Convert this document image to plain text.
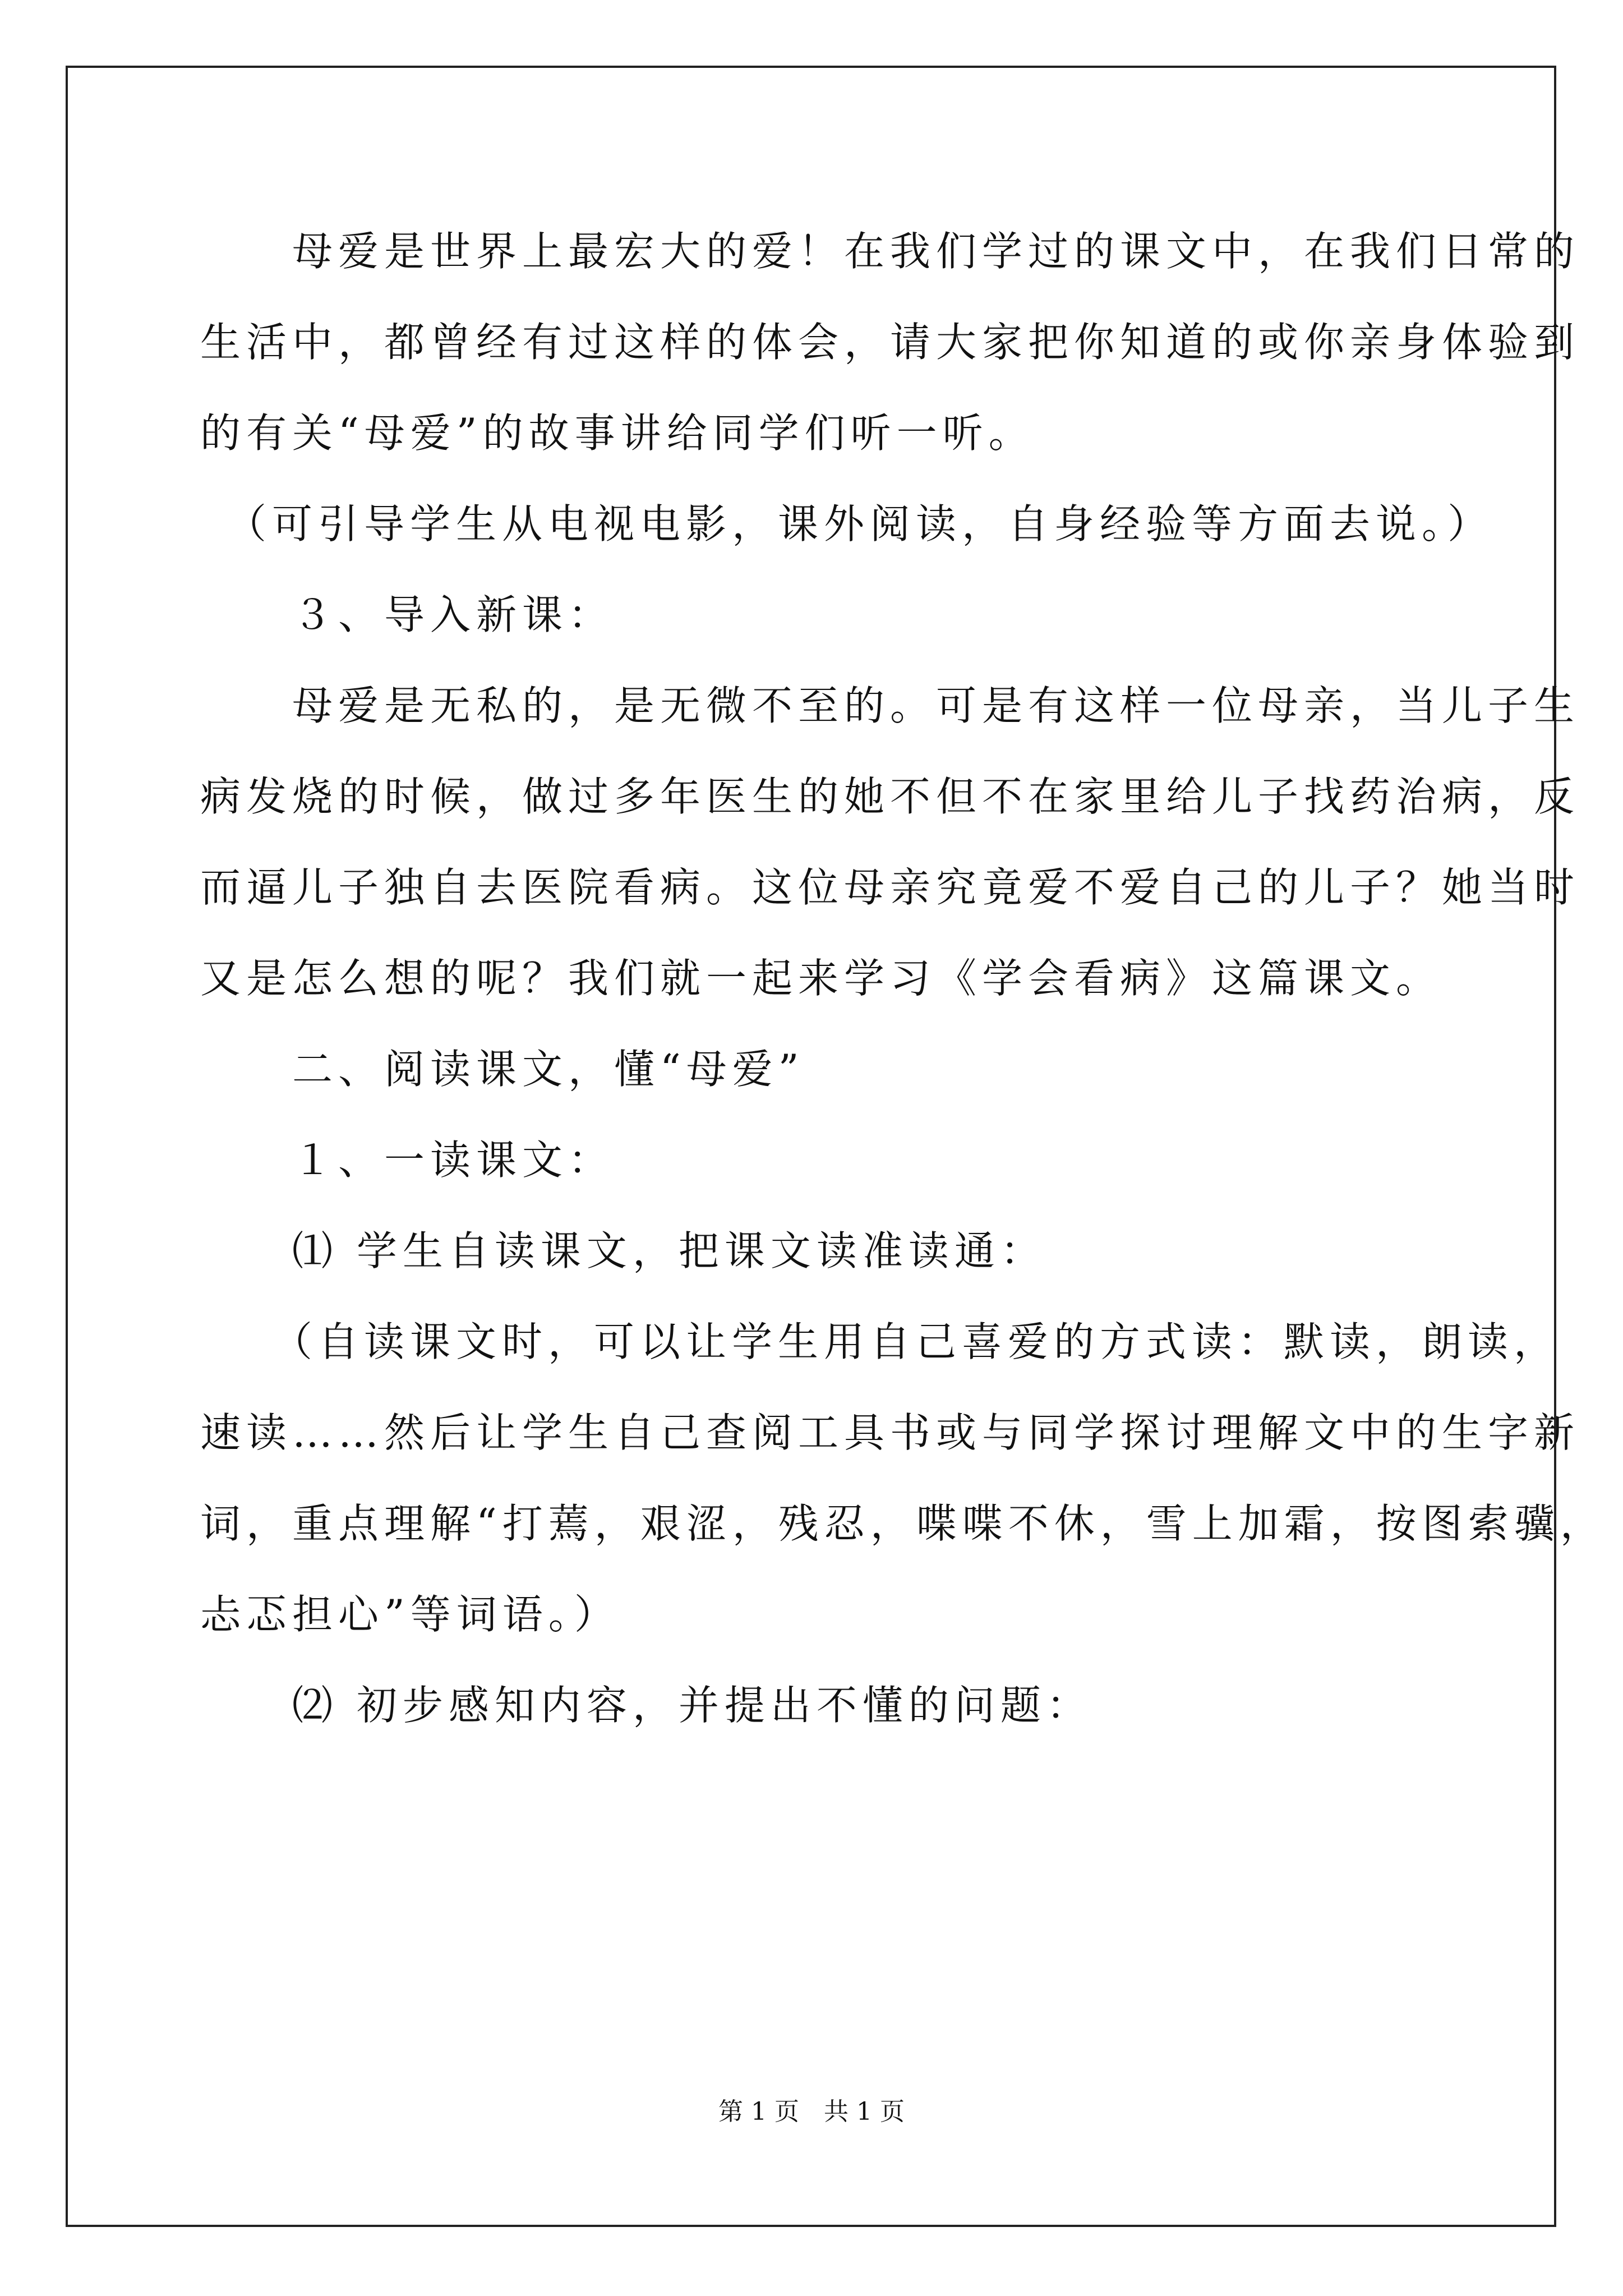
　　母爱是世界上最宏大的爱！在我们学过的课文中，在我们日常的
生活中，都曾经有过这样的体会，请大家把你知道的或你亲身体验到
的有关“母爱”的故事讲给同学们听一听。
　（可引导学生从电视电影，课外阅读，自身经验等方面去说。）
　　３、导入新课：
　　母爱是无私的，是无微不至的。可是有这样一位母亲，当儿子生
病发烧的时候，做过多年医生的她不但不在家里给儿子找药治病，反
而逼儿子独自去医院看病。这位母亲究竟爱不爱自己的儿子？她当时
又是怎么想的呢？我们就一起来学习《学会看病》这篇课文。
　　二、阅读课文，懂“母爱”
　　１、一读课文：
　　⑴ 学生自读课文，把课文读准读通：
　　（自读课文时，可以让学生用自己喜爱的方式读：默读，朗读，
速读……然后让学生自己查阅工具书或与同学探讨理解文中的生字新
词，重点理解“打蔫，艰涩，残忍，喋喋不休，雪上加霜，按图索骥，
忐忑担心”等词语。）
　　⑵ 初步感知内容，并提出不懂的问题：
第 1 页　共 1 页
